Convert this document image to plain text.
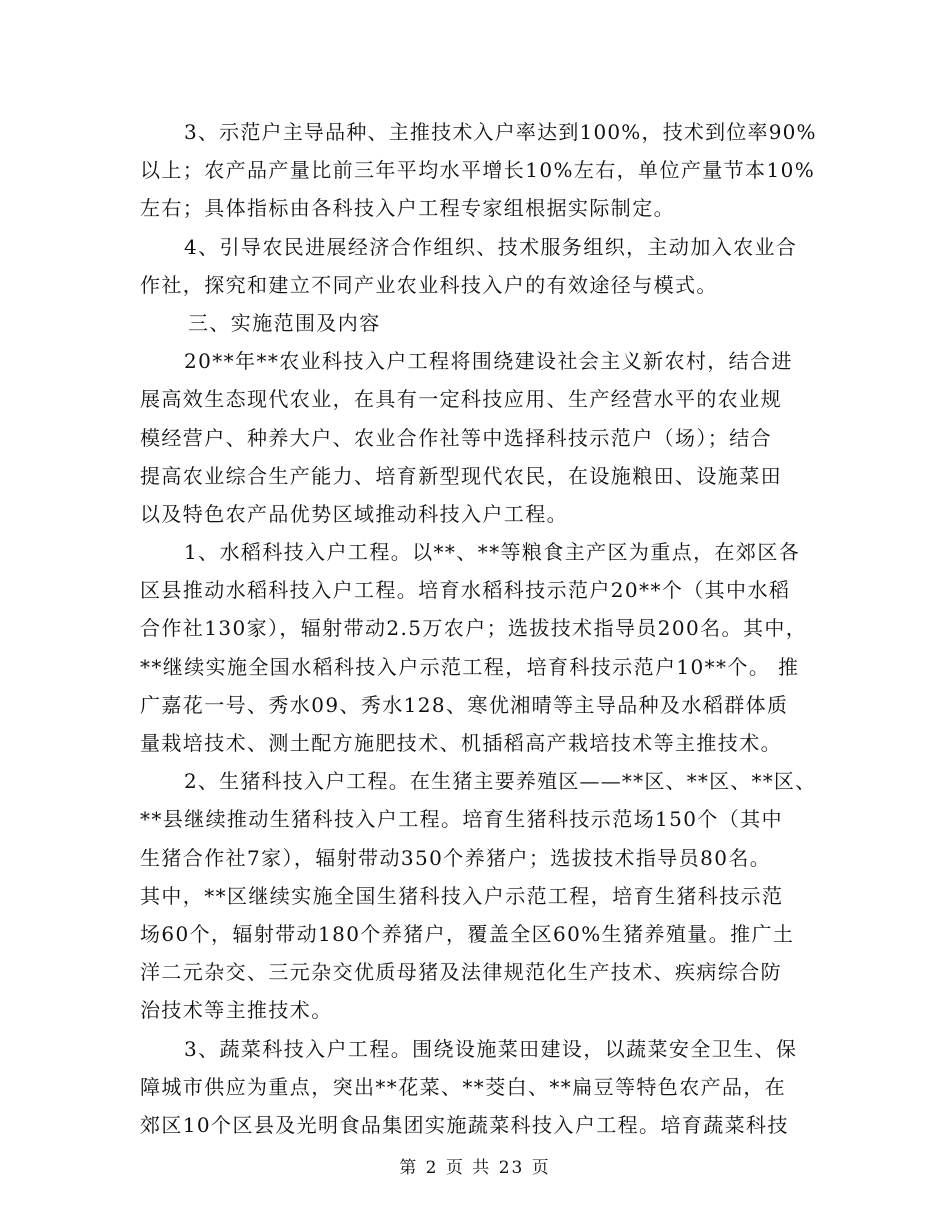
3、示范户主导品种、主推技术入户率达到100%，技术到位率90%
以上；农产品产量比前三年平均水平增长10%左右，单位产量节本10%
左右；具体指标由各科技入户工程专家组根据实际制定。
4、引导农民进展经济合作组织、技术服务组织，主动加入农业合
作社，探究和建立不同产业农业科技入户的有效途径与模式。
三、实施范围及内容
20**年**农业科技入户工程将围绕建设社会主义新农村，结合进
展高效生态现代农业，在具有一定科技应用、生产经营水平的农业规
模经营户、种养大户、农业合作社等中选择科技示范户（场）；结合
提高农业综合生产能力、培育新型现代农民，在设施粮田、设施菜田
以及特色农产品优势区域推动科技入户工程。
1、水稻科技入户工程。以**、**等粮食主产区为重点，在郊区各
区县推动水稻科技入户工程。培育水稻科技示范户20**个（其中水稻
合作社130家），辐射带动2.5万农户；选拔技术指导员200名。其中，
**继续实施全国水稻科技入户示范工程，培育科技示范户10**个。 推
广嘉花一号、秀水09、秀水128、寒优湘晴等主导品种及水稻群体质
量栽培技术、测土配方施肥技术、机插稻高产栽培技术等主推技术。
2、生猪科技入户工程。在生猪主要养殖区——**区、**区、**区、
**县继续推动生猪科技入户工程。培育生猪科技示范场150个（其中
生猪合作社7家），辐射带动350个养猪户；选拔技术指导员80名。
其中，**区继续实施全国生猪科技入户示范工程，培育生猪科技示范
场60个，辐射带动180个养猪户，覆盖全区60%生猪养殖量。推广土
洋二元杂交、三元杂交优质母猪及法律规范化生产技术、疾病综合防
治技术等主推技术。
3、蔬菜科技入户工程。围绕设施菜田建设，以蔬菜安全卫生、保
障城市供应为重点，突出**花菜、**茭白、**扁豆等特色农产品，在
郊区10个区县及光明食品集团实施蔬菜科技入户工程。培育蔬菜科技
第 2 页 共 23 页
